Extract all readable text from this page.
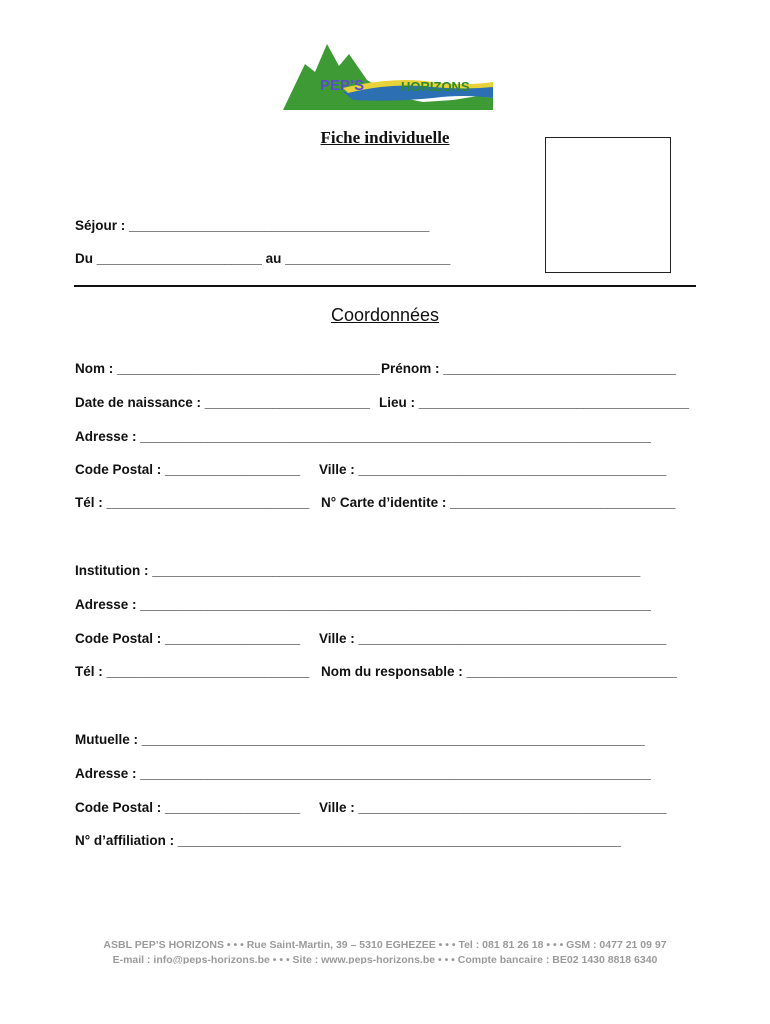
PEP’S	HORIZONS
Fiche individuelle
Séjour : ________________________________________
Du ______________________ au ______________________
Coordonnées
Nom : ___________________________________ Prénom : _______________________________
Date de naissance : ______________________ Lieu : ____________________________________
Adresse : ____________________________________________________________________
Code Postal : __________________ Ville : _________________________________________
Tél : ___________________________ N° Carte d’identite : ______________________________
Institution : _________________________________________________________________
Adresse : ____________________________________________________________________
Code Postal : __________________ Ville : _________________________________________
Tél : ___________________________ Nom du responsable : ____________________________
Mutuelle : ___________________________________________________________________
Adresse : ____________________________________________________________________
Code Postal : __________________ Ville : _________________________________________
N° d’affiliation : ___________________________________________________________
ASBL PEP’S HORIZONS • • • Rue Saint-Martin, 39 – 5310 EGHEZEE • • • Tel : 081 81 26 18 • • • GSM : 0477 21 09 97
E-mail : info@peps-horizons.be • • • Site : www.peps-horizons.be • • • Compte bancaire : BE02 1430 8818 6340
